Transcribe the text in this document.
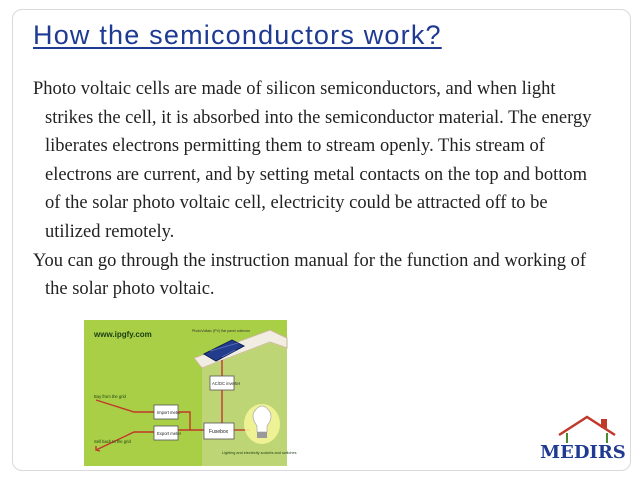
How the semiconductors work?

Photo voltaic cells are made of silicon semiconductors, and when light strikes the cell, it is absorbed into the semiconductor material. The energy liberates electrons permitting them to stream openly. This stream of electrons are current, and by setting metal contacts on the top and bottom of the solar photo voltaic cell, electricity could be attracted off to be utilized remotely.

You can go through the instruction manual for the function and working of the solar photo voltaic.

www.ipgfy.com	PhotoVoltaic (PV) flat panel collector
AC/DC inverter
Import meter
Export meter	Fusebox
Buy from the grid
Sell back to the grid
Lighting and electricity sockets and switches	MEDIRS
